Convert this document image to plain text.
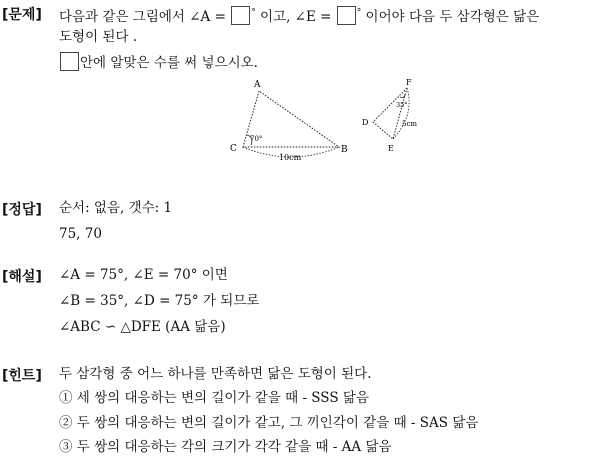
[문제] 다음과 같은 그림에서 ∠A =	° 이고, ∠E =	° 이어야 다음 두 삼각형은 닮은
도형이 된다 .
안에 알맞은 수를 써 넣으시오.
A
C	B
70°
10cm
F
D
E
35°
5cm
[정답] 순서: 없음, 갯수: 1
75, 70
[해설] ∠A = 75°, ∠E = 70° 이면
∠B = 35°, ∠D = 75° 가 되므로
∠ABC ∽ △DFE (AA 닮음)
[힌트] 두 삼각형 중 어느 하나를 만족하면 닮은 도형이 된다.
① 세 쌍의 대응하는 변의 길이가 같을 때 - SSS 닮음
② 두 쌍의 대응하는 변의 길이가 같고, 그 끼인각이 같을 때 - SAS 닮음
③ 두 쌍의 대응하는 각의 크기가 각각 같을 때 - AA 닮음
